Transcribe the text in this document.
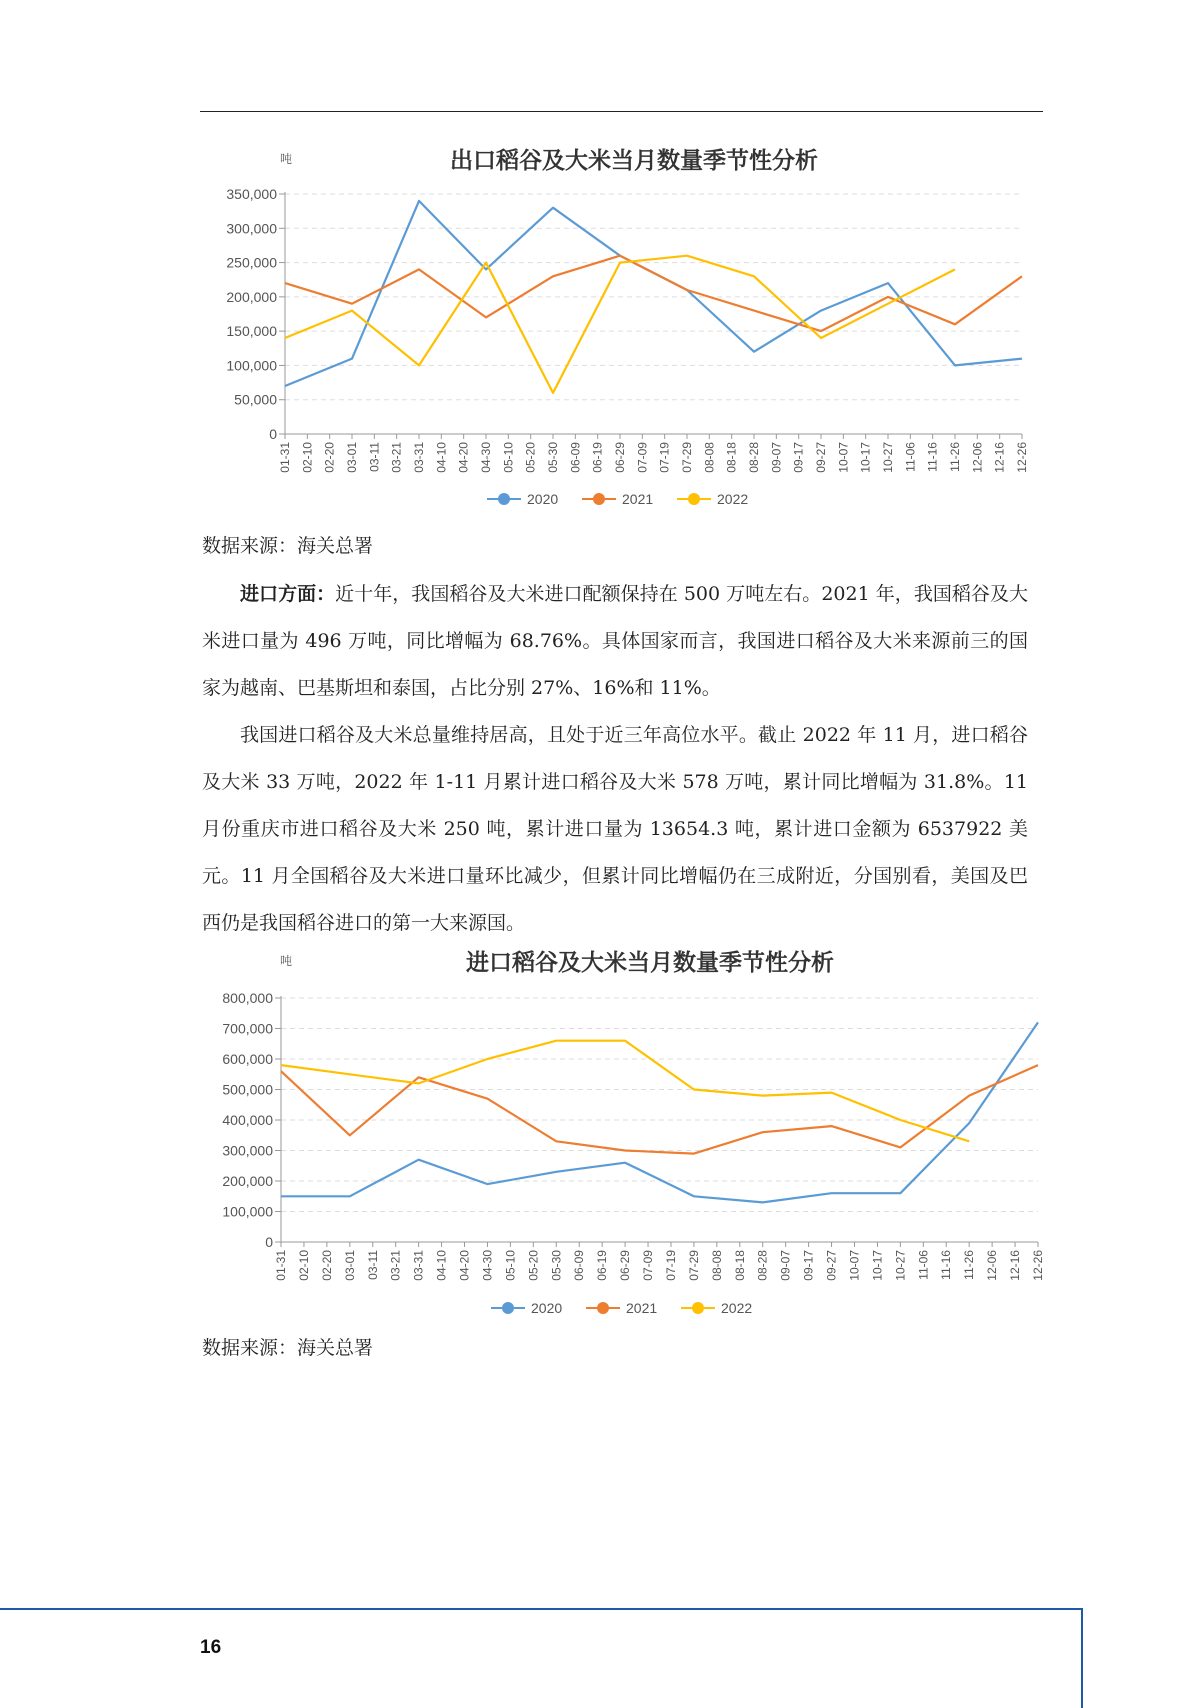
出口稻谷及大米当月数量季节性分析
吨
0
50,000
100,000
150,000
200,000
250,000
300,000
350,000
01-31 02-10 02-20 03-01 03-11 03-21 03-31 04-10 04-20 04-30 05-10 05-20 05-30 06-09 06-19 06-29 07-09 07-19 07-29 08-08 08-18 08-28 09-07 09-17 09-27 10-07 10-17 10-27 11-06 11-16 11-26 12-06 12-16 12-26
2020	2021	2022

数据来源：海关总署

进口方面：近十年，我国稻谷及大米进口配额保持在 500 万吨左右。2021 年，我国稻谷及大米进口量为 496 万吨，同比增幅为 68.76%。具体国家而言，我国进口稻谷及大米来源前三的国家为越南、巴基斯坦和泰国，占比分别 27%、16%和 11%。

我国进口稻谷及大米总量维持居高，且处于近三年高位水平。截止 2022 年 11 月，进口稻谷及大米 33 万吨，2022 年 1-11 月累计进口稻谷及大米 578 万吨，累计同比增幅为 31.8%。11 月份重庆市进口稻谷及大米 250 吨，累计进口量为 13654.3 吨，累计进口金额为 6537922 美元。11 月全国稻谷及大米进口量环比减少，但累计同比增幅仍在三成附近，分国别看，美国及巴西仍是我国稻谷进口的第一大来源国。

进口稻谷及大米当月数量季节性分析
吨
0
100,000
200,000
300,000
400,000
500,000
600,000
700,000
800,000
01-31 02-10 02-20 03-01 03-11 03-21 03-31 04-10 04-20 04-30 05-10 05-20 05-30 06-09 06-19 06-29 07-09 07-19 07-29 08-08 08-18 08-28 09-07 09-17 09-27 10-07 10-17 10-27 11-06 11-16 11-26 12-06 12-16 12-26
2020	2021	2022

数据来源：海关总署

16
